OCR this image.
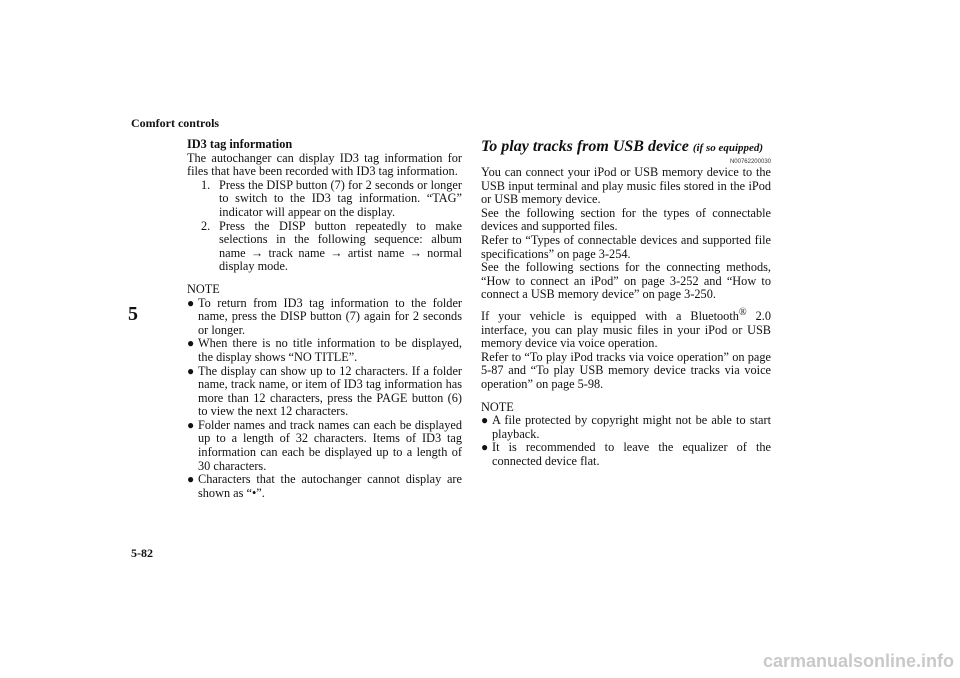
Comfort controls
5
5-82

ID3 tag information

The autochanger can display ID3 tag information for files that have been recorded with ID3 tag information.

1. Press the DISP button (7) for 2 seconds or longer to switch to the ID3 tag information. “TAG” indicator will appear on the display.
2. Press the DISP button repeatedly to make selections in the following sequence: album name → track name → artist name → normal display mode.

NOTE

● To return from ID3 tag information to the folder name, press the DISP button (7) again for 2 seconds or longer.
● When there is no title information to be displayed, the display shows “NO TITLE”.
● The display can show up to 12 characters. If a folder name, track name, or item of ID3 tag information has more than 12 characters, press the PAGE button (6) to view the next 12 characters.
● Folder names and track names can each be displayed up to a length of 32 characters. Items of ID3 tag information can each be displayed up to a length of 30 characters.
● Characters that the autochanger cannot display are shown as “•”.
To play tracks from USB device (if so equipped)
N00762200030

You can connect your iPod or USB memory device to the USB input terminal and play music files stored in the iPod or USB memory device.

See the following section for the types of connectable devices and supported files.

Refer to “Types of connectable devices and supported file specifications” on page 3-254.

See the following sections for the connecting methods, “How to connect an iPod” on page 3-252 and “How to connect a USB memory device” on page 3-250.

If your vehicle is equipped with a Bluetooth® 2.0 interface, you can play music files in your iPod or USB memory device via voice operation.

Refer to “To play iPod tracks via voice operation” on page 5-87 and “To play USB memory device tracks via voice operation” on page 5-98.

NOTE

● A file protected by copyright might not be able to start playback.
● It is recommended to leave the equalizer of the connected device flat.
carmanualsonline.info
